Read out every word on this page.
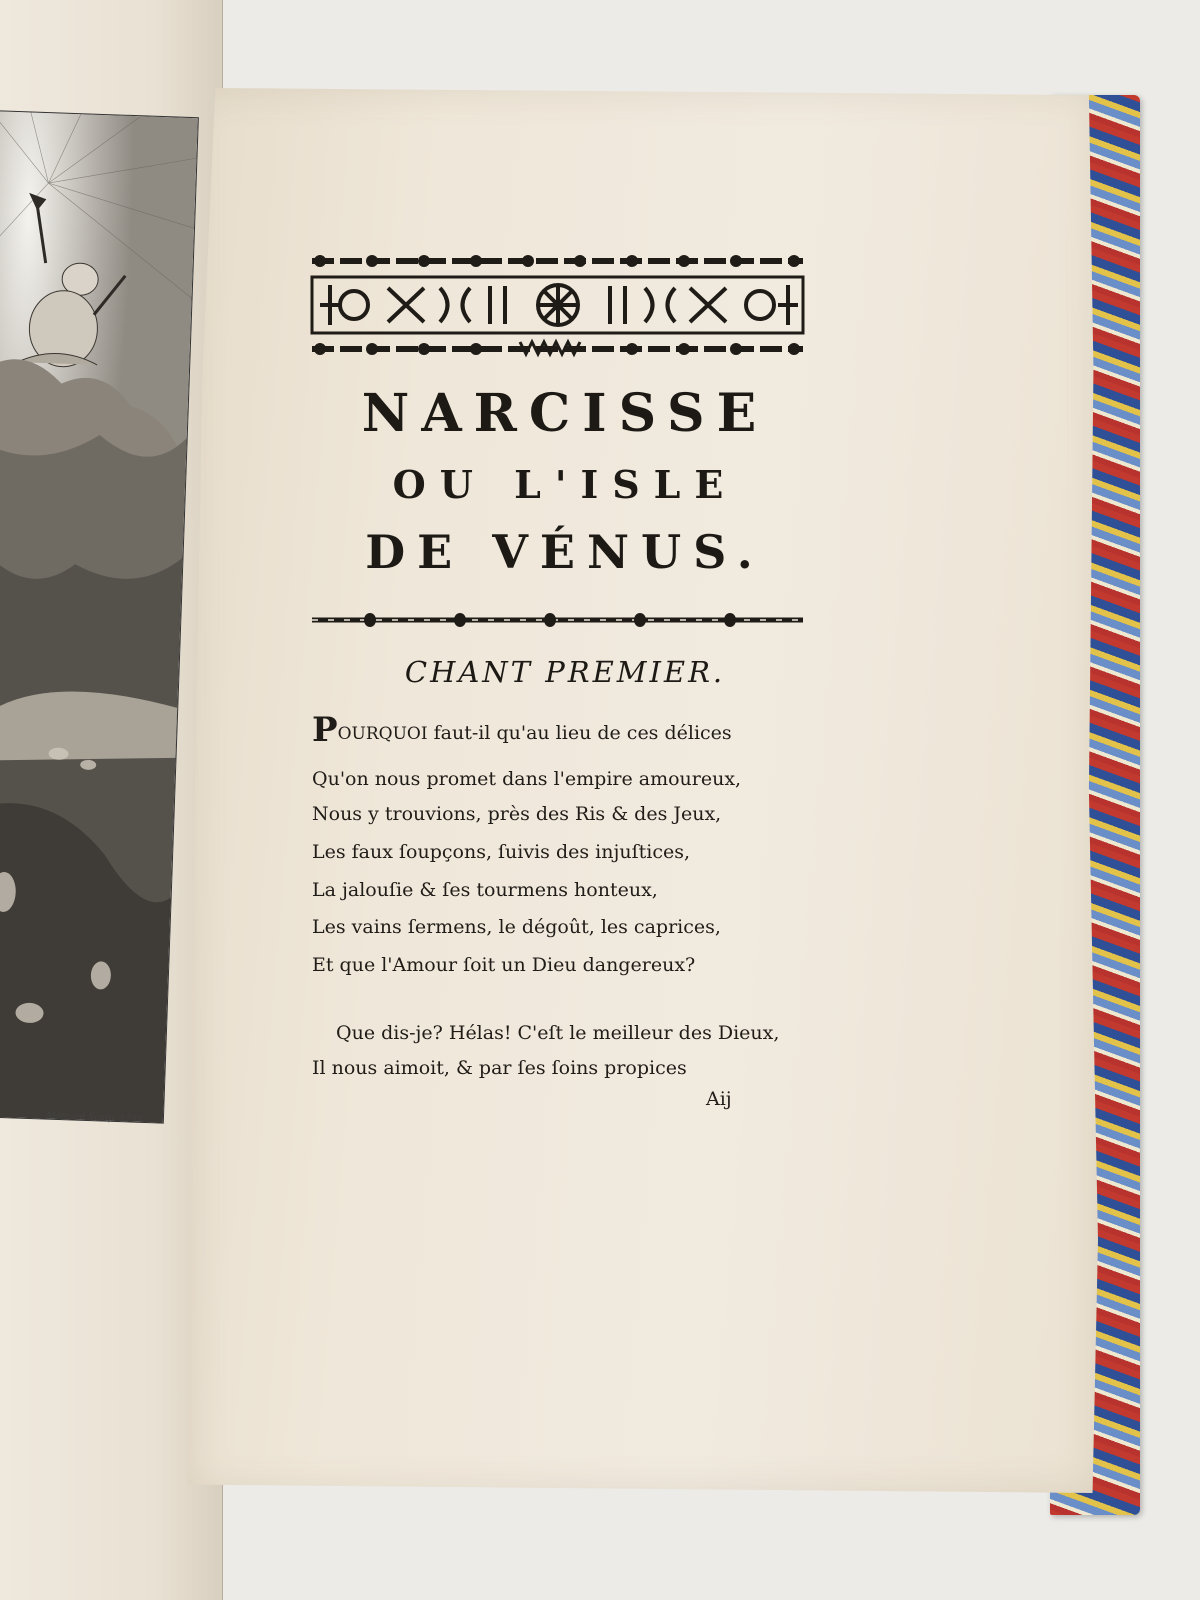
Marcard Sculp. 1785.
NARCISSE
OU L'ISLE
DE VÉNUS.
CHANT PREMIER.
POURQUOI faut-il qu'au lieu de ces délices
Qu'on nous promet dans l'empire amoureux,
Nous y trouvions, près des Ris & des Jeux,
Les faux ſoupçons, ſuivis des injuſtices,
La jalouſie & ſes tourmens honteux,
Les vains ſermens, le dégoût, les caprices,
Et que l'Amour ſoit un Dieu dangereux?
Que dis-je? Hélas! C'eſt le meilleur des Dieux,
Il nous aimoit, & par ſes ſoins propices
Aij
